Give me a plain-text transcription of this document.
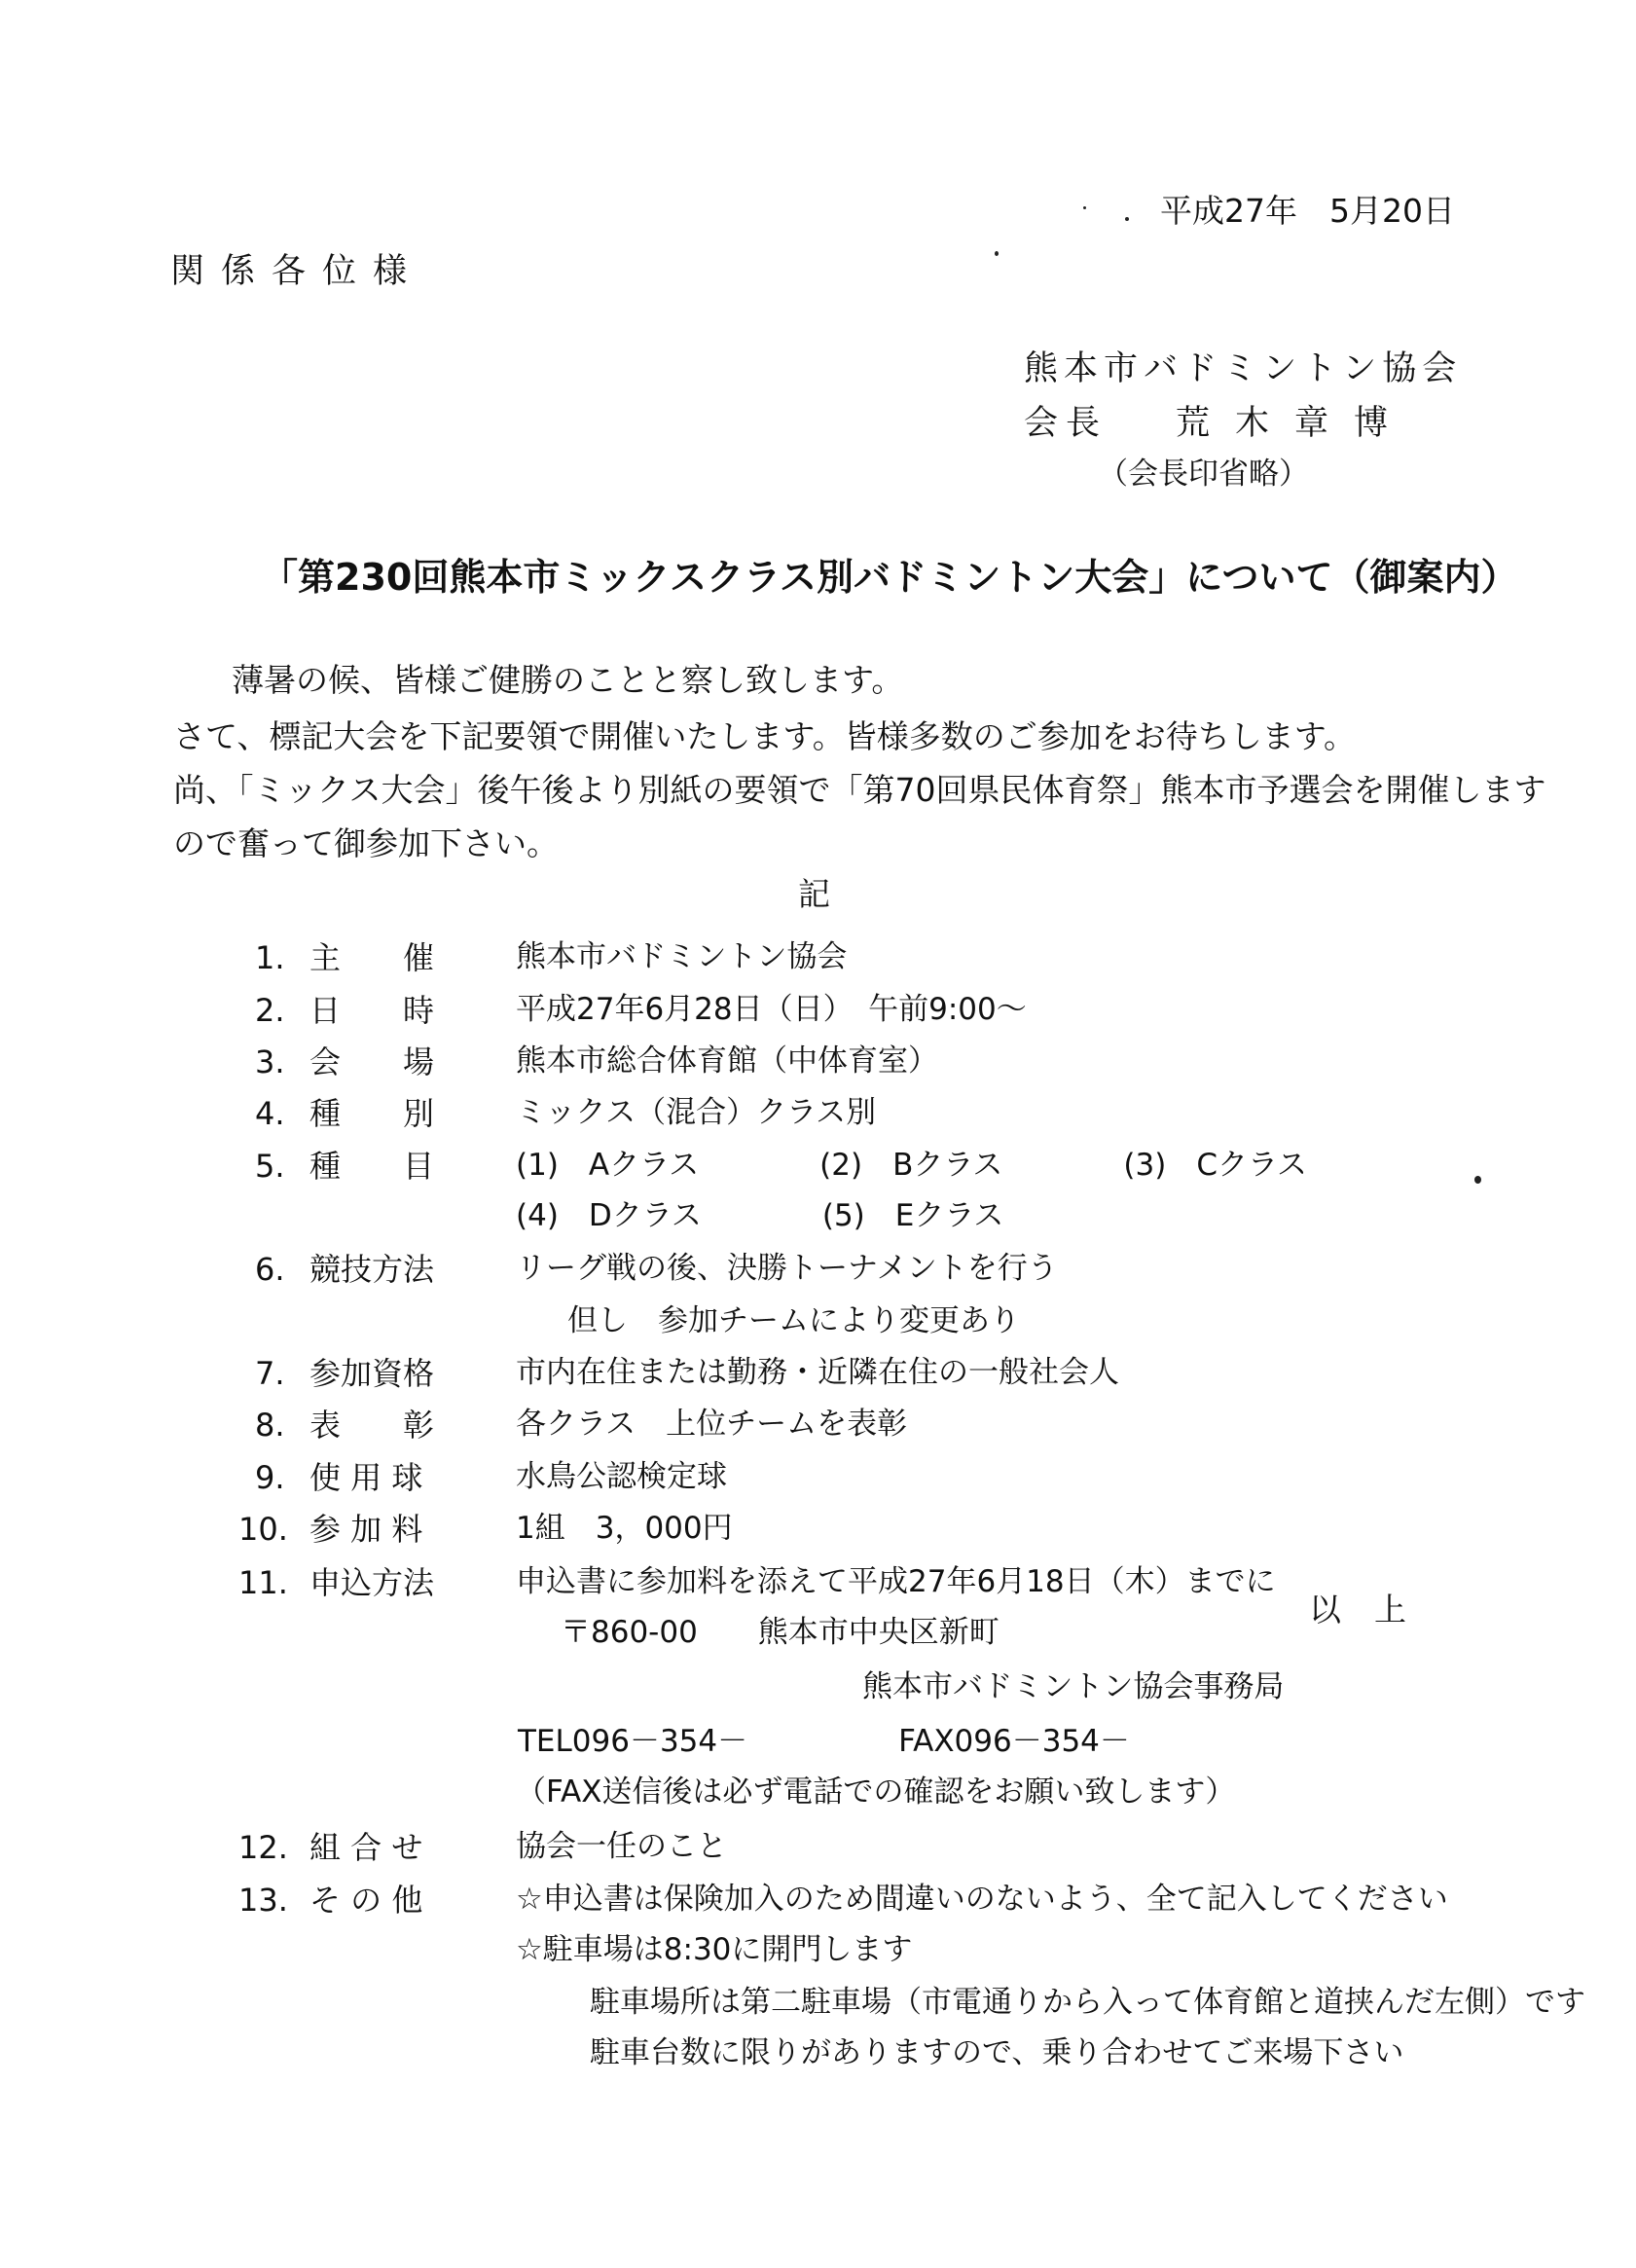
平成27年　5月20日
関係各位様
熊本市バドミントン協会
会長 荒木章博
（会長印省略）
「第230回熊本市ミックスクラス別バドミントン大会」について（御案内）
薄暑の候、皆様ご健勝のことと察し致します。
さて、標記大会を下記要領で開催いたします。皆様多数のご参加をお待ちします。
尚、「ミックス大会」後午後より別紙の要領で「第70回県民体育祭」熊本市予選会を開催します
ので奮って御参加下さい。
記
1. 主　　催	熊本市バドミントン協会
2. 日　　時	平成27年6月28日（日）　午前9:00～
3. 会　　場	熊本市総合体育館（中体育室）
4. 種　　別	ミックス（混合）クラス別
5. 種　　目	(1)　Aクラス　　　　(2)　Bクラス　　　　(3)　Cクラス
(4)　Dクラス　　　　(5)　Eクラス
6. 競技方法	リーグ戦の後、決勝トーナメントを行う
　但し　参加チームにより変更あり
7. 参加資格	市内在住または勤務・近隣在住の一般社会人
8. 表　　彰	各クラス　上位チームを表彰
9. 使 用 球	水鳥公認検定球
10. 参 加 料	1組　3，000円
11. 申込方法	申込書に参加料を添えて平成27年6月18日（木）までに
　〒860-00　　熊本市中央区新町
　　　　　　　　　　　熊本市バドミントン協会事務局
TEL096－354－　　　　　FAX096－354－
（FAX送信後は必ず電話での確認をお願い致します）
12. 組 合 せ	協会一任のこと
13. そ の 他	☆申込書は保険加入のため間違いのないよう、全て記入してください
☆駐車場は8:30に開門します
　駐車場所は第二駐車場（市電通りから入って体育館と道挟んだ左側）です
　駐車台数に限りがありますので、乗り合わせてご来場下さい
以上
